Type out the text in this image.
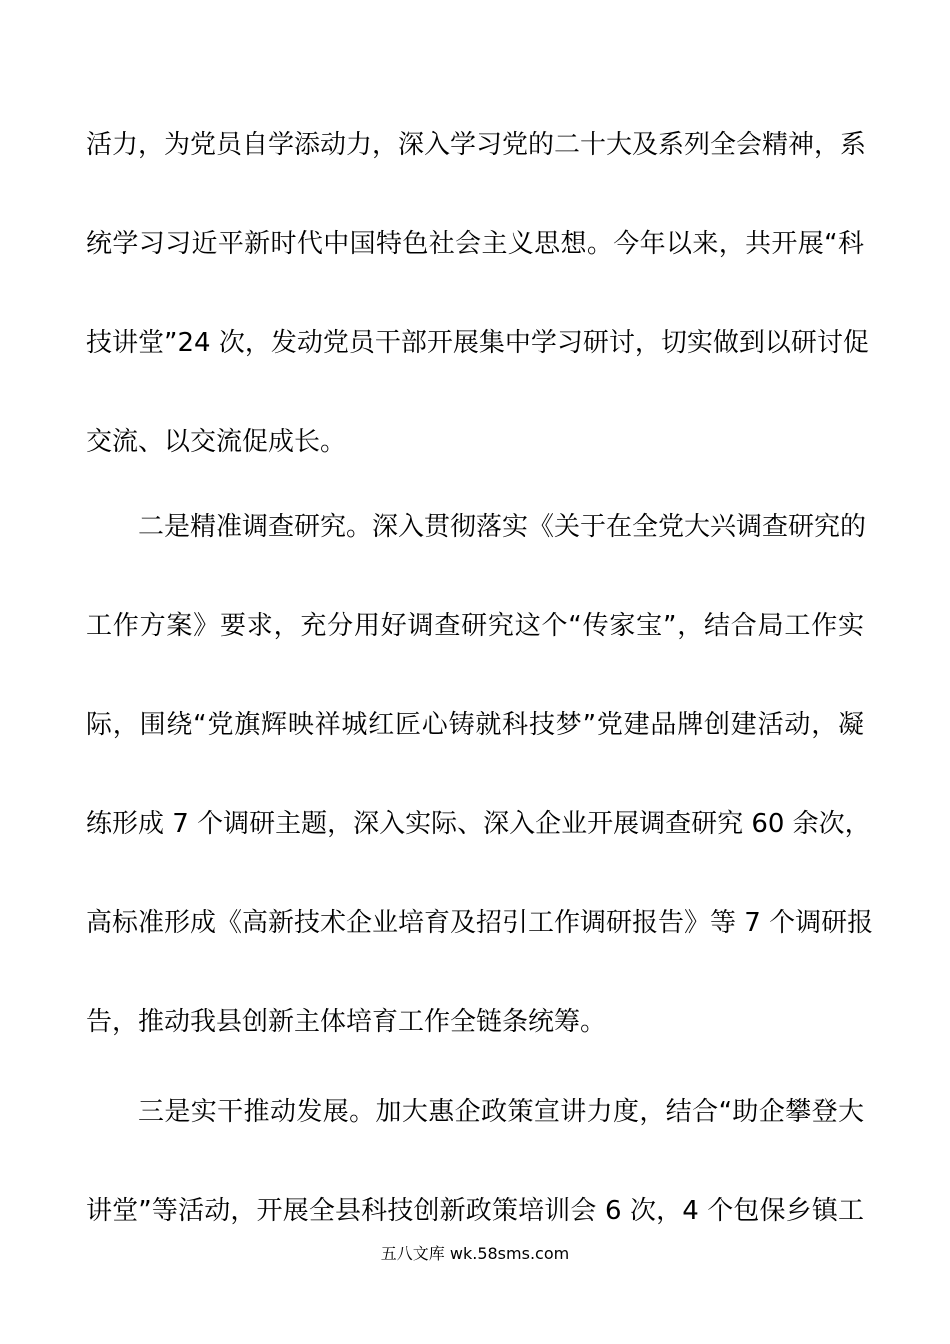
活力，为党员自学添动力，深入学习党的二十大及系列全会精神，系
统学习习近平新时代中国特色社会主义思想。今年以来，共开展“科
技讲堂”24 次，发动党员干部开展集中学习研讨，切实做到以研讨促
交流、以交流促成长。
二是精准调查研究。深入贯彻落实《关于在全党大兴调查研究的
工作方案》要求，充分用好调查研究这个“传家宝”，结合局工作实
际，围绕“党旗辉映祥城红匠心铸就科技梦”党建品牌创建活动，凝
练形成 7 个调研主题，深入实际、深入企业开展调查研究 60 余次，
高标准形成《高新技术企业培育及招引工作调研报告》等 7 个调研报
告，推动我县创新主体培育工作全链条统筹。
三是实干推动发展。加大惠企政策宣讲力度，结合“助企攀登大
讲堂”等活动，开展全县科技创新政策培训会 6 次，4 个包保乡镇工
五八文库 wk.58sms.com
